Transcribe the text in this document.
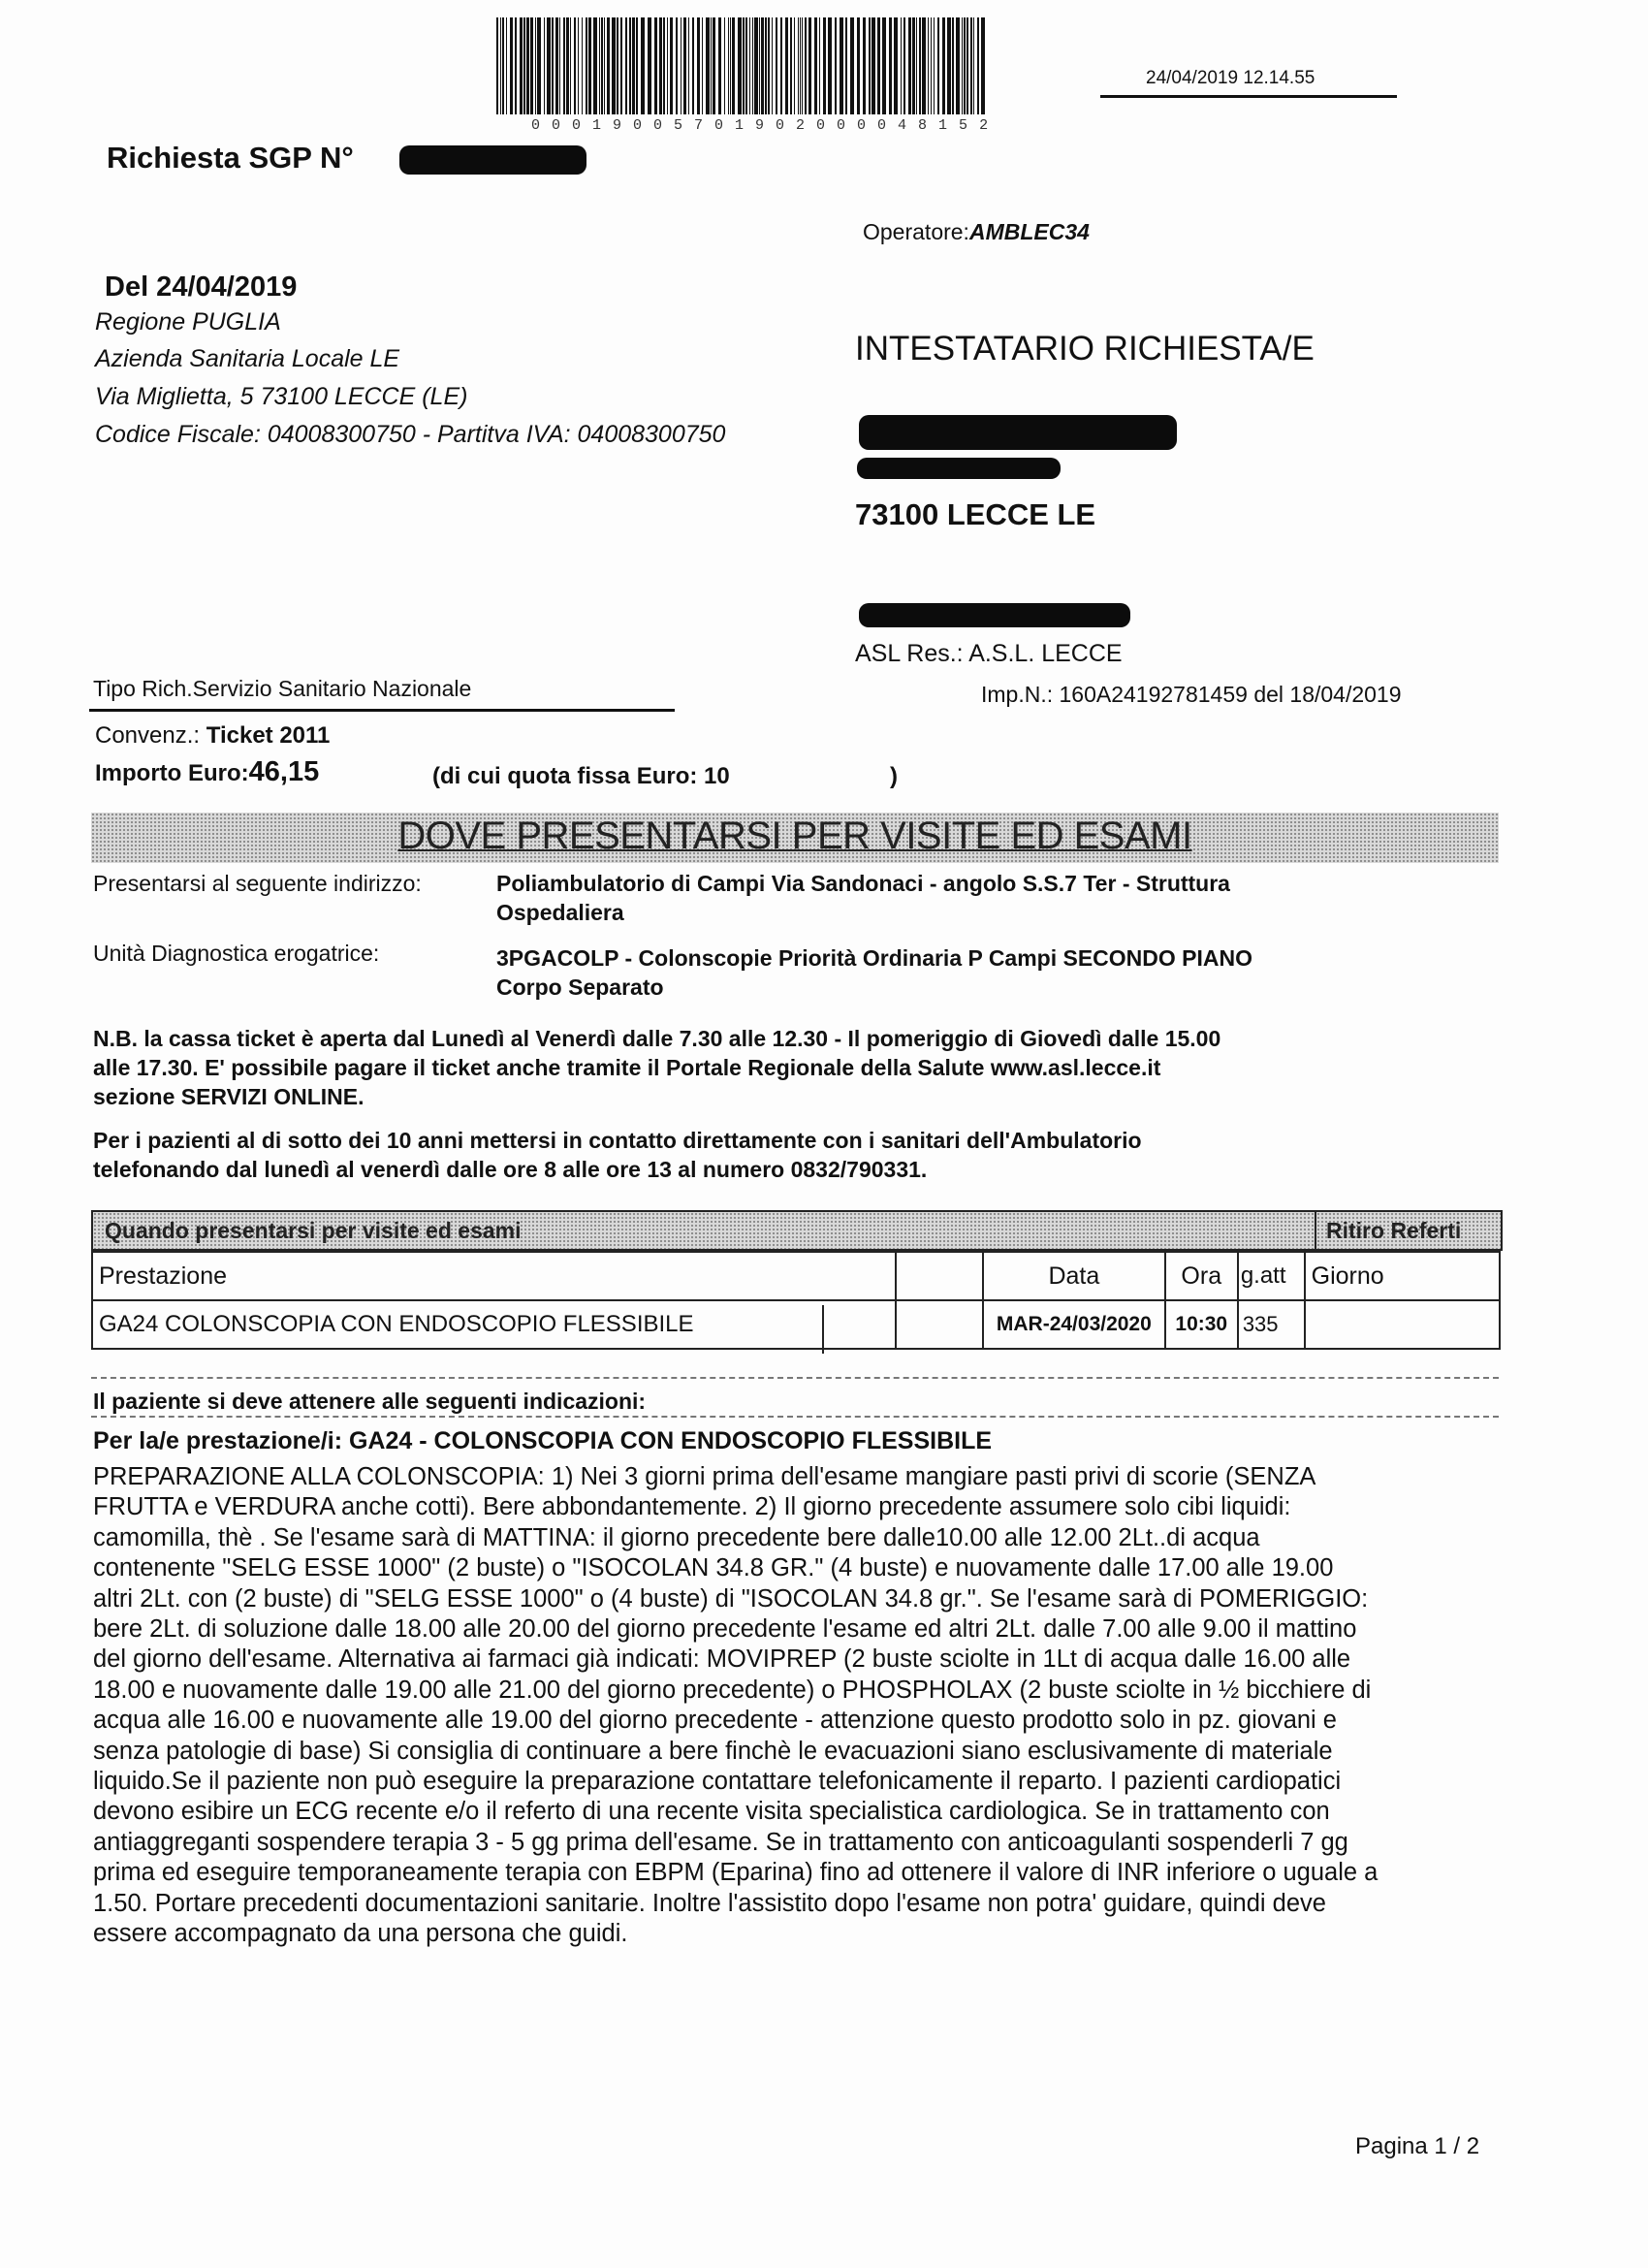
0 0 0 1 9 0 0 5 7 0 1 9 0 2 0 0 0 0 4 8 1 5 2
24/04/2019 12.14.55
Richiesta SGP N°
Operatore:AMBLEC34
Del 24/04/2019
Regione PUGLIA
Azienda Sanitaria Locale LE
Via Miglietta, 5 73100 LECCE (LE)
Codice Fiscale: 04008300750 - Partitva IVA: 04008300750
INTESTATARIO RICHIESTA/E
73100 LECCE LE
ASL Res.: A.S.L. LECCE
Imp.N.: 160A24192781459 del 18/04/2019
Tipo Rich.Servizio Sanitario Nazionale
Convenz.: Ticket 2011
Importo Euro:46,15	(di cui quota fissa Euro: 10	)
DOVE PRESENTARSI PER VISITE ED ESAMI
Presentarsi al seguente indirizzo:	Poliambulatorio di Campi Via Sandonaci - angolo S.S.7 Ter - Struttura
Ospedaliera
Unità Diagnostica erogatrice:	3PGACOLP - Colonscopie Priorità Ordinaria P Campi SECONDO PIANO
Corpo Separato
N.B. la cassa ticket è aperta dal Lunedì al Venerdì dalle 7.30 alle 12.30 - Il pomeriggio di Giovedì dalle 15.00
alle 17.30. E' possibile pagare il ticket anche tramite il Portale Regionale della Salute www.asl.lecce.it
sezione SERVIZI ONLINE.
Per i pazienti al di sotto dei 10 anni mettersi in contatto direttamente con i sanitari dell'Ambulatorio
telefonando dal lunedì al venerdì dalle ore 8 alle ore 13 al numero 0832/790331.
Quando presentarsi per visite ed esami	Ritiro Referti
Prestazione		Data	Ora	g.att	Giorno
GA24 COLONSCOPIA CON ENDOSCOPIO FLESSIBILE		MAR-24/03/2020	10:30	335	
Il paziente si deve attenere alle seguenti indicazioni:
Per la/e prestazione/i: GA24 - COLONSCOPIA CON ENDOSCOPIO FLESSIBILE
PREPARAZIONE ALLA COLONSCOPIA: 1) Nei 3 giorni prima dell'esame mangiare pasti privi di scorie (SENZA
FRUTTA e VERDURA anche cotti). Bere abbondantemente. 2) Il giorno precedente assumere solo cibi liquidi:
camomilla, thè . Se l'esame sarà di MATTINA: il giorno precedente bere dalle10.00 alle 12.00 2Lt..di acqua
contenente "SELG ESSE 1000" (2 buste) o "ISOCOLAN 34.8 GR." (4 buste) e nuovamente dalle 17.00 alle 19.00
altri 2Lt. con (2 buste) di "SELG ESSE 1000" o (4 buste) di "ISOCOLAN 34.8 gr.". Se l'esame sarà di POMERIGGIO:
bere 2Lt. di soluzione dalle 18.00 alle 20.00 del giorno precedente l'esame ed altri 2Lt. dalle 7.00 alle 9.00 il mattino
del giorno dell'esame. Alternativa ai farmaci già indicati: MOVIPREP (2 buste sciolte in 1Lt di acqua dalle 16.00 alle
18.00 e nuovamente dalle 19.00 alle 21.00 del giorno precedente) o PHOSPHOLAX (2 buste sciolte in ½ bicchiere di
acqua alle 16.00 e nuovamente alle 19.00 del giorno precedente - attenzione questo prodotto solo in pz. giovani e
senza patologie di base) Si consiglia di continuare a bere finchè le evacuazioni siano esclusivamente di materiale
liquido.Se il paziente non può eseguire la preparazione contattare telefonicamente il reparto. I pazienti cardiopatici
devono esibire un ECG recente e/o il referto di una recente visita specialistica cardiologica. Se in trattamento con
antiaggreganti sospendere terapia 3 - 5 gg prima dell'esame. Se in trattamento con anticoagulanti sospenderli 7 gg
prima ed eseguire temporaneamente terapia con EBPM (Eparina) fino ad ottenere il valore di INR inferiore o uguale a
1.50. Portare precedenti documentazioni sanitarie. Inoltre l'assistito dopo l'esame non potra' guidare, quindi deve
essere accompagnato da una persona che guidi.
Pagina 1 / 2
